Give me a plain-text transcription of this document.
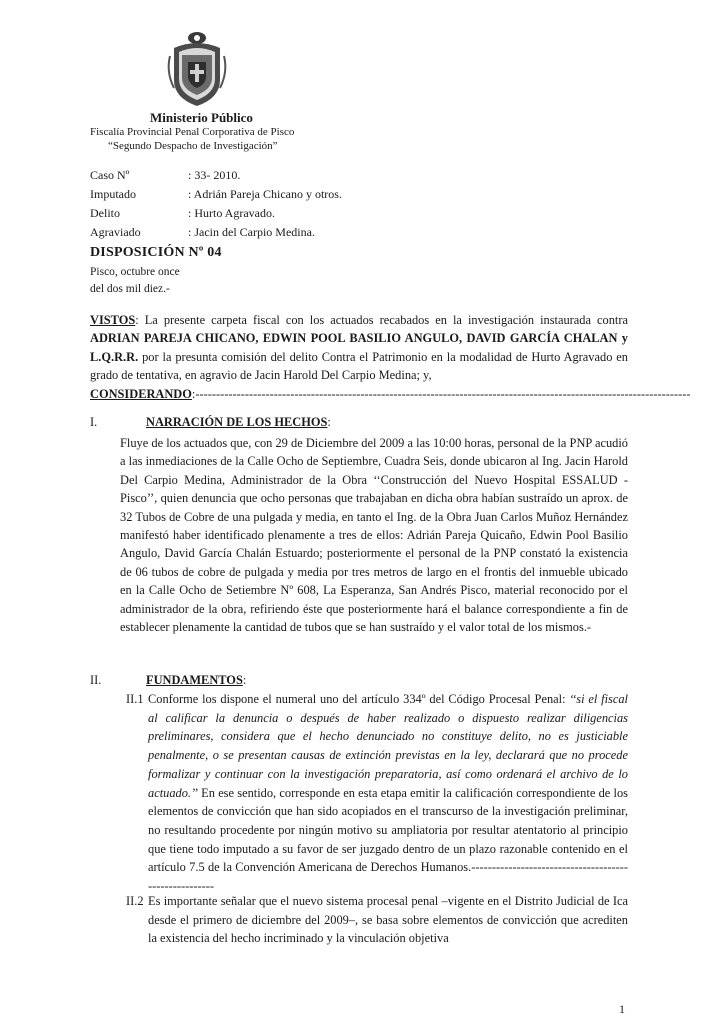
Ministerio Público
Fiscalía Provincial Penal Corporativa de Pisco
“Segundo Despacho de Investigación”
Caso Nº	: 33- 2010.
Imputado	: Adrián Pareja Chicano y otros.
Delito	: Hurto Agravado.
Agraviado	: Jacin del Carpio Medina.
DISPOSICIÓN Nº 04
Pisco, octubre once
del dos mil diez.-

VISTOS: La presente carpeta fiscal con los actuados recabados en la investigación instaurada contra ADRIAN PAREJA CHICANO, EDWIN POOL BASILIO ANGULO, DAVID GARCÍA CHALAN y L.Q.R.R. por la presunta comisión del delito Contra el Patrimonio en la modalidad de Hurto Agravado en grado de tentativa, en agravio de Jacin Harold Del Carpio Medina; y,

CONSIDERANDO:------------------------------------------------------------------------------------------------------------------------
I.	NARRACIÓN DE LOS HECHOS:

Fluye de los actuados que, con 29 de Diciembre del 2009 a las 10:00 horas, personal de la PNP acudió a las inmediaciones de la Calle Ocho de Septiembre, Cuadra Seis, donde ubicaron al Ing. Jacin Harold Del Carpio Medina, Administrador de la Obra ‘‘Construcción del Nuevo Hospital ESSALUD - Pisco’’, quien denuncia que ocho personas que trabajaban en dicha obra habían sustraído un aprox. de 32 Tubos de Cobre de una pulgada y media, en tanto el Ing. de la Obra Juan Carlos Muñoz Hernández manifestó haber identificado plenamente a tres de ellos: Adrián Pareja Quicaño, Edwin Pool Basilio Angulo, David García Chalán Estuardo; posteriormente el personal de la PNP constató la existencia de 06 tubos de cobre de pulgada y media por tres metros de largo en el frontis del inmueble ubicado en la Calle Ocho de Setiembre Nº 608, La Esperanza, San Andrés Pisco, material reconocido por el administrador de la obra, refiriendo éste que posteriormente hará el balance correspondiente a fin de establecer plenamente la cantidad de tubos que se han sustraído y el valor total de los mismos.-

II.	FUNDAMENTOS:
II.1 Conforme los dispone el numeral uno del artículo 334º del Código Procesal Penal: ‘‘si el fiscal al calificar la denuncia o después de haber realizado o dispuesto realizar diligencias preliminares, considera que el hecho denunciado no constituye delito, no es justiciable penalmente, o se presentan causas de extinción previstas en la ley, declarará que no procede formalizar y continuar con la investigación preparatoria, así como ordenará el archivo de lo actuado.’’ En ese sentido, corresponde en esta etapa emitir la calificación correspondiente de los elementos de convicción que han sido acopiados en el transcurso de la investigación preliminar, no resultando procedente por ningún motivo su ampliatoria por resultar atentatorio al principio que tiene todo imputado a su favor de ser juzgado dentro de un plazo razonable contenido en el artículo 7.5 de la Convención Americana de Derechos Humanos.------------------------------------------------------

II.2 Es importante señalar que el nuevo sistema procesal penal –vigente en el Distrito Judicial de Ica desde el primero de diciembre del 2009–, se basa sobre elementos de convicción que acrediten la existencia del hecho incriminado y la vinculación objetiva

1
